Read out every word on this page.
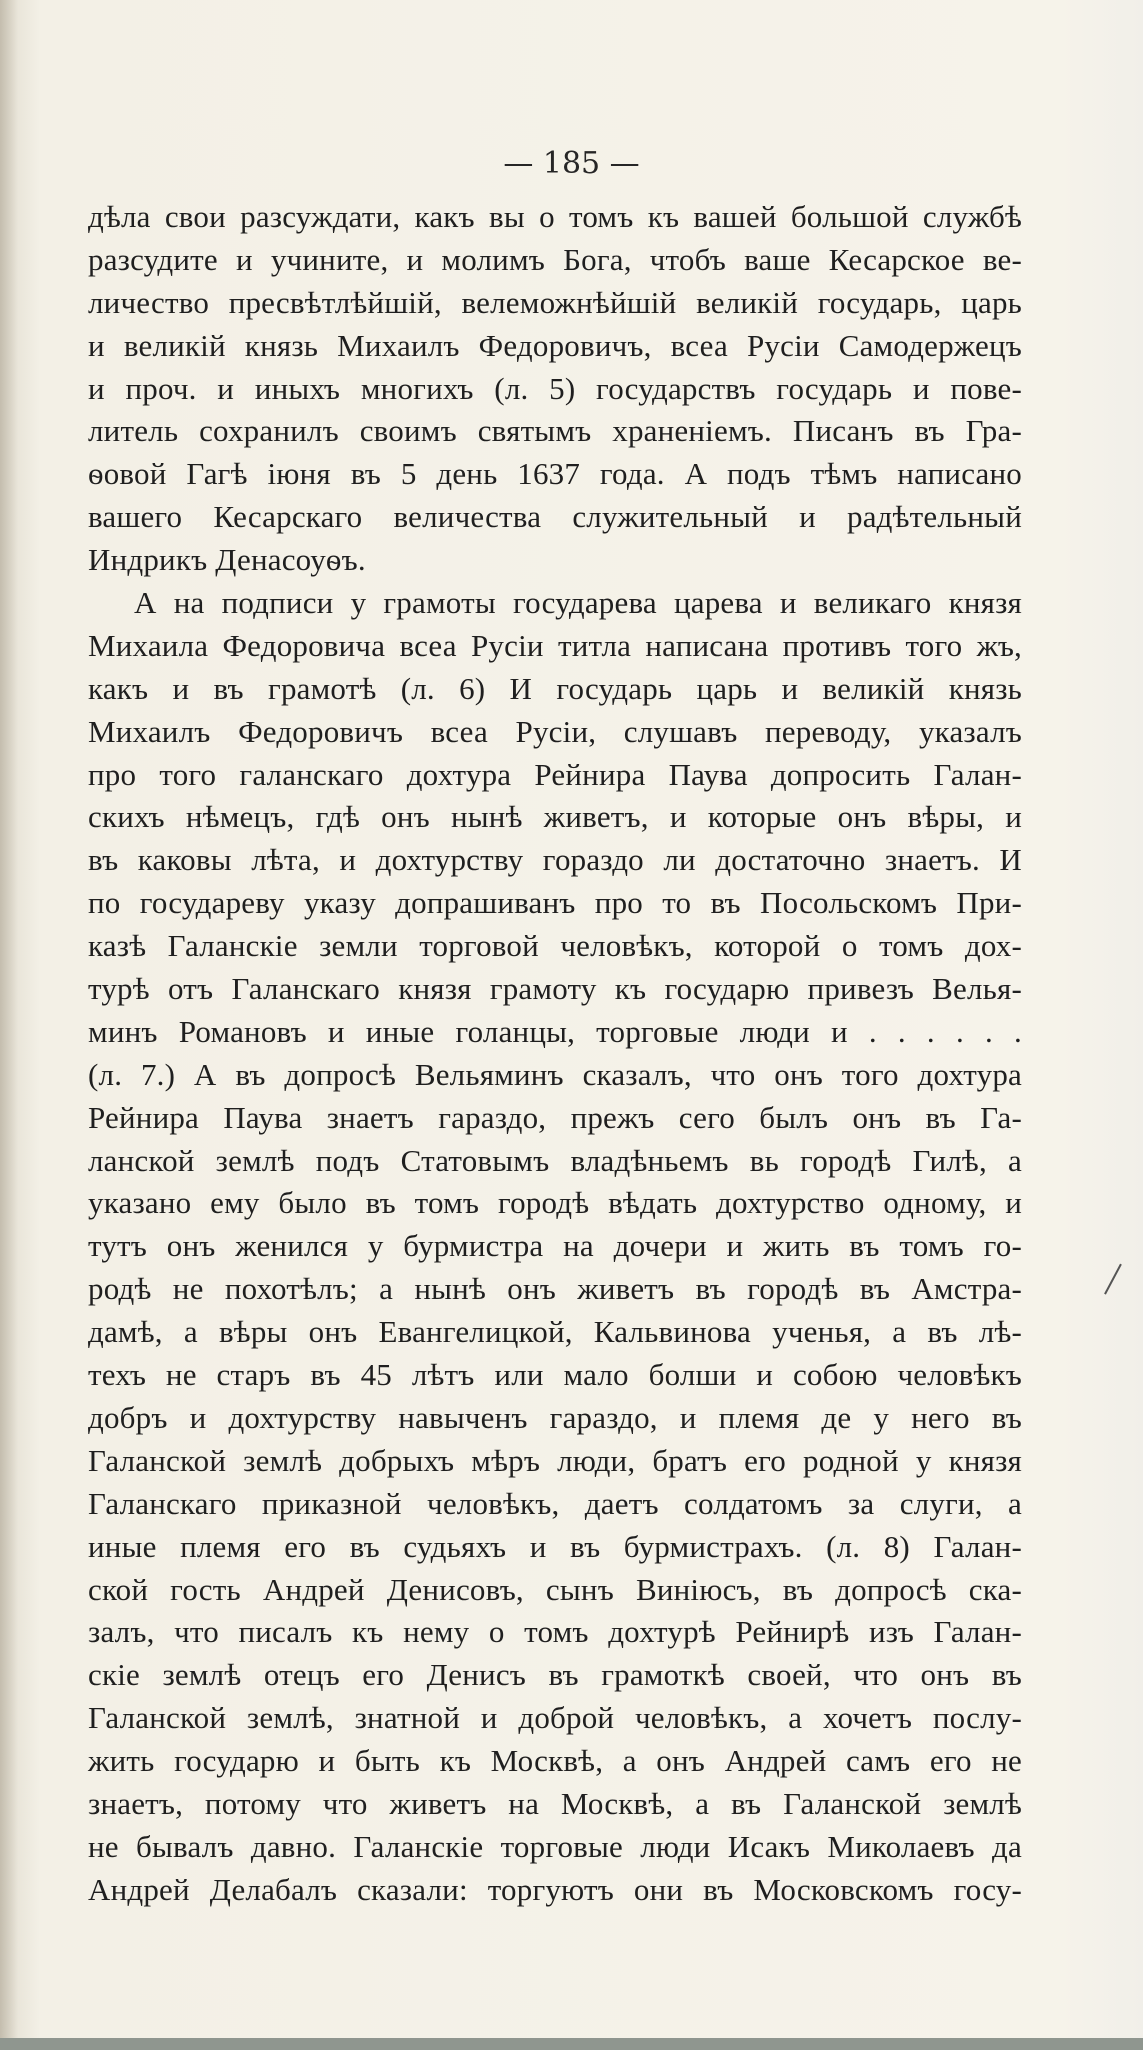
— 185 —
дѣла свои разсуждати, какъ вы о томъ къ вашей большой службѣ
разсудите и учините, и молимъ Бога, чтобъ ваше Кесарское ве-
личество пресвѣтлѣйшій, велеможнѣйшій великій государь, царь
и великій князь Михаилъ Федоровичъ, всеа Русіи Самодержецъ
и проч. и иныхъ многихъ (л. 5) государствъ государь и пове-
литель сохранилъ своимъ святымъ храненіемъ. Писанъ въ Гра-
ѳовой Гагѣ іюня въ 5 день 1637 года. А подъ тѣмъ написано
вашего Кесарскаго величества служительный и радѣтельный
Индрикъ Денасоуѳъ.
А на подписи у грамоты государева царева и великаго князя
Михаила Федоровича всеа Русіи титла написана противъ того жъ,
какъ и въ грамотѣ (л. 6) И государь царь и великій князь
Михаилъ Федоровичъ всеа Русіи, слушавъ переводу, указалъ
про того галанскаго дохтура Рейнира Паува допросить Галан-
скихъ нѣмецъ, гдѣ онъ нынѣ живетъ, и которые онъ вѣры, и
въ каковы лѣта, и дохтурству гораздо ли достаточно знаетъ. И
по государеву указу допрашиванъ про то въ Посольскомъ При-
казѣ Галанскіе земли торговой человѣкъ, которой о томъ дох-
турѣ отъ Галанскаго князя грамоту къ государю привезъ Велья-
минъ Романовъ и иные голанцы, торговые люди и . . . . . .
(л. 7.) А въ допросѣ Вельяминъ сказалъ, что онъ того дохтура
Рейнира Паува знаетъ гараздо, прежъ сего былъ онъ въ Га-
ланской землѣ подъ Статовымъ владѣньемъ вь городѣ Гилѣ, а
указано ему было въ томъ городѣ вѣдать дохтурство одному, и
тутъ онъ женился у бурмистра на дочери и жить въ томъ го-
родѣ не похотѣлъ; а нынѣ онъ живетъ въ городѣ въ Амстра-
дамѣ, а вѣры онъ Евангелицкой, Кальвинова ученья, а въ лѣ-
техъ не старъ въ 45 лѣтъ или мало болши и собою человѣкъ
добръ и дохтурству навыченъ гараздо, и племя де у него въ
Галанской землѣ добрыхъ мѣръ люди, братъ его родной у князя
Галанскаго приказной человѣкъ, даетъ солдатомъ за слуги, а
иные племя его въ судьяхъ и въ бурмистрахъ. (л. 8) Галан-
ской гость Андрей Денисовъ, сынъ Виніюсъ, въ допросѣ ска-
залъ, что писалъ къ нему о томъ дохтурѣ Рейнирѣ изъ Галан-
скіе землѣ отецъ его Денисъ въ грамоткѣ своей, что онъ въ
Галанской землѣ, знатной и доброй человѣкъ, а хочетъ послу-
жить государю и быть къ Москвѣ, а онъ Андрей самъ его не
знаетъ, потому что живетъ на Москвѣ, а въ Галанской землѣ
не бывалъ давно. Галанскіе торговые люди Исакъ Миколаевъ да
Андрей Делабалъ сказали: торгуютъ они въ Московскомъ госу-
